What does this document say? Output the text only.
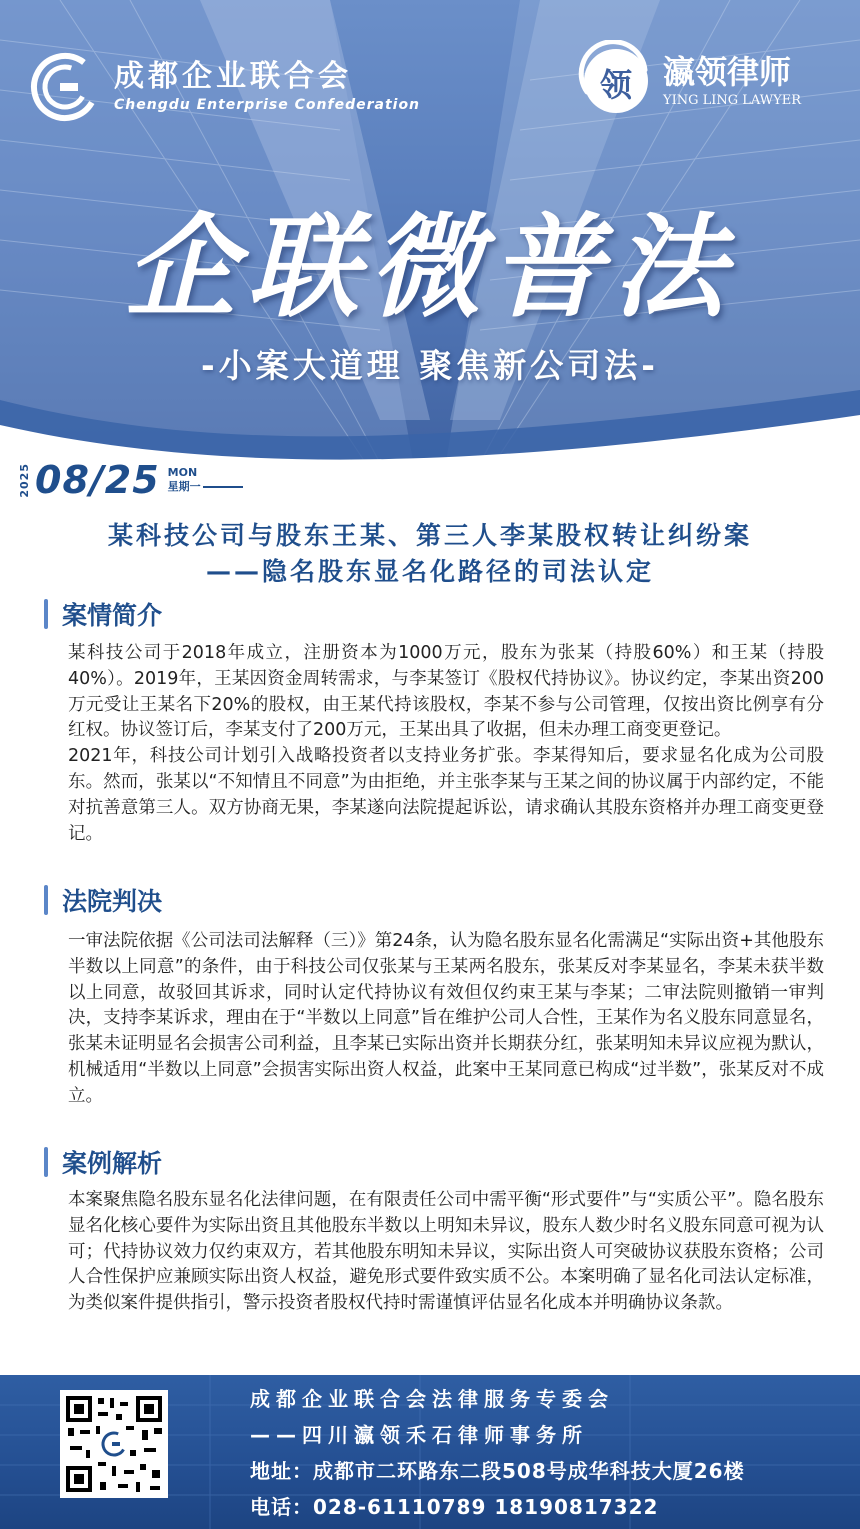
成都企业联合会
Chengdu Enterprise Confederation
领 瀛领律师
YING LING LAWYER
企联微普法
-小案大道理 聚焦新公司法-
2025 08/25 MON
星期一
某科技公司与股东王某、第三人李某股权转让纠纷案
——隐名股东显名化路径的司法认定
案情简介

某科技公司于2018年成立，注册资本为1000万元，股东为张某（持股60%）和王某（持股40%）。2019年，王某因资金周转需求，与李某签订《股权代持协议》。协议约定，李某出资200万元受让王某名下20%的股权，由王某代持该股权，李某不参与公司管理，仅按出资比例享有分红权。协议签订后，李某支付了200万元，王某出具了收据，但未办理工商变更登记。

2021年，科技公司计划引入战略投资者以支持业务扩张。李某得知后，要求显名化成为公司股东。然而，张某以“不知情且不同意”为由拒绝，并主张李某与王某之间的协议属于内部约定，不能对抗善意第三人。双方协商无果，李某遂向法院提起诉讼，请求确认其股东资格并办理工商变更登记。

法院判决

一审法院依据《公司法司法解释（三）》第24条，认为隐名股东显名化需满足“实际出资+其他股东半数以上同意”的条件，由于科技公司仅张某与王某两名股东，张某反对李某显名，李某未获半数以上同意，故驳回其诉求，同时认定代持协议有效但仅约束王某与李某；二审法院则撤销一审判决，支持李某诉求，理由在于“半数以上同意”旨在维护公司人合性，王某作为名义股东同意显名，张某未证明显名会损害公司利益，且李某已实际出资并长期获分红，张某明知未异议应视为默认，机械适用“半数以上同意”会损害实际出资人权益，此案中王某同意已构成“过半数”，张某反对不成立。

案例解析

本案聚焦隐名股东显名化法律问题，在有限责任公司中需平衡“形式要件”与“实质公平”。隐名股东显名化核心要件为实际出资且其他股东半数以上明知未异议，股东人数少时名义股东同意可视为认可；代持协议效力仅约束双方，若其他股东明知未异议，实际出资人可突破协议获股东资格；公司人合性保护应兼顾实际出资人权益，避免形式要件致实质不公。本案明确了显名化司法认定标准，为类似案件提供指引，警示投资者股权代持时需谨慎评估显名化成本并明确协议条款。

成都企业联合会法律服务专委会
——四川瀛领禾石律师事务所
地址：成都市二环路东二段508号成华科技大厦26楼
电话：028-61110789 18190817322
